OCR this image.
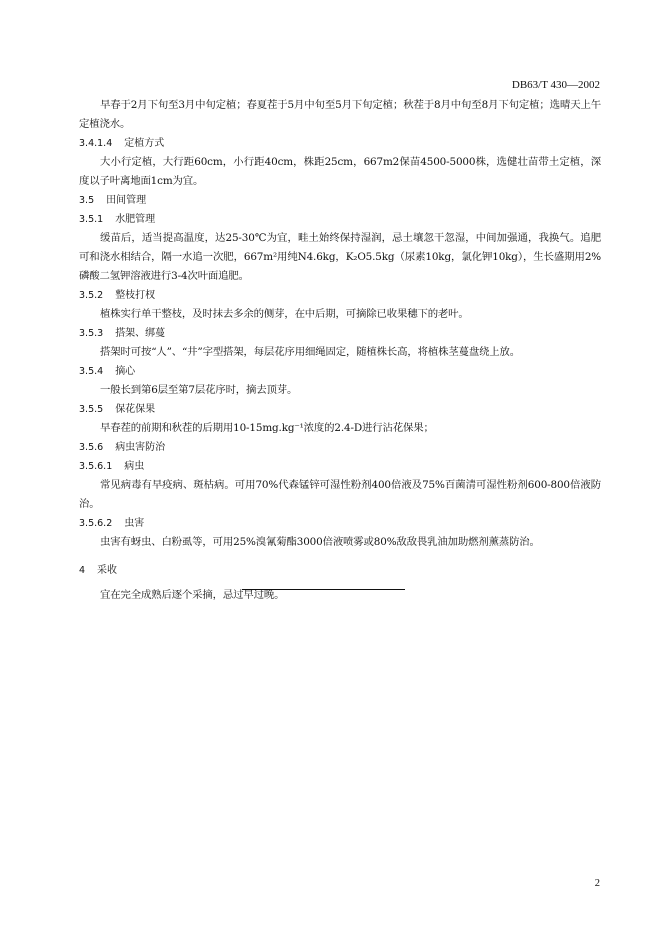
DB63/T 430—2002

早春于2月下旬至3月中旬定植；春夏茬于5月中旬至5月下旬定植；秋茬于8月中旬至8月下旬定植；选晴天上午定植浇水。

3.4.1.4 定植方式

大小行定植，大行距60cm，小行距40cm，株距25cm，667m2保苗4500-5000株，选健壮苗带土定植，深度以子叶离地面1cm为宜。

3.5 田间管理
3.5.1 水肥管理

缓苗后，适当提高温度，达25-30℃为宜，畦土始终保持湿润，忌土壤忽干忽湿，中间加强通，我换气。追肥可和浇水相结合，隔一水追一次肥，667m²用纯N4.6kg，K₂O5.5kg（尿素10kg，氯化钾10kg），生长盛期用2%磷酸二氢钾溶液进行3-4次叶面追肥。

3.5.2 整枝打杈

植株实行单干整枝，及时抹去多余的侧芽，在中后期，可摘除已收果穗下的老叶。

3.5.3 搭架、绑蔓

搭架时可按“人”、“井”字型搭架，每层花序用细绳固定，随植株长高，将植株茎蔓盘绕上放。

3.5.4 摘心

一般长到第6层至第7层花序时，摘去顶芽。

3.5.5 保花保果

早春茬的前期和秋茬的后期用10-15mg.kg⁻¹浓度的2.4-D进行沾花保果；

3.5.6 病虫害防治
3.5.6.1 病虫

常见病毒有早疫病、斑枯病。可用70%代森锰锌可湿性粉剂400倍液及75%百菌清可湿性粉剂600-800倍液防治。

3.5.6.2 虫害

虫害有蚜虫、白粉虱等，可用25%溴氰菊酯3000倍液喷雾或80%敌敌畏乳油加助燃剂薰蒸防治。

4 采收

宜在完全成熟后逐个采摘，忌过早过晚。

2
